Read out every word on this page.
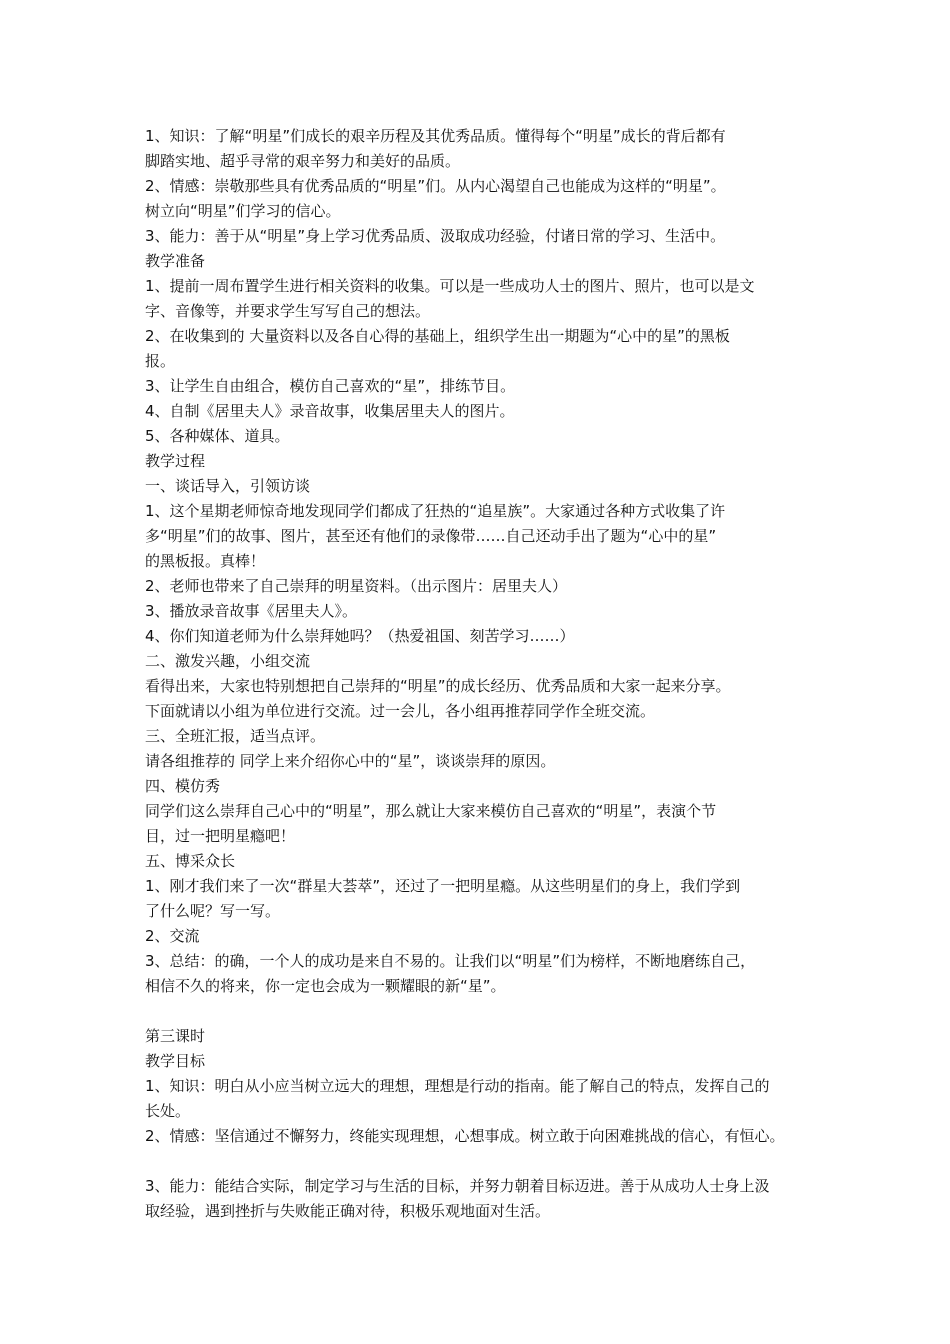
1、知识：了解“明星”们成长的艰辛历程及其优秀品质。懂得每个“明星”成长的背后都有
脚踏实地、超乎寻常的艰辛努力和美好的品质。
2、情感：崇敬那些具有优秀品质的“明星”们。从内心渴望自己也能成为这样的“明星”。
树立向“明星”们学习的信心。
3、能力：善于从“明星”身上学习优秀品质、汲取成功经验，付诸日常的学习、生活中。
教学准备
1、提前一周布置学生进行相关资料的收集。可以是一些成功人士的图片、照片，也可以是文
字、音像等，并要求学生写写自己的想法。
2、在收集到的 大量资料以及各自心得的基础上，组织学生出一期题为“心中的星”的黑板
报。
3、让学生自由组合，模仿自己喜欢的“星”，排练节目。
4、自制《居里夫人》录音故事，收集居里夫人的图片。
5、各种媒体、道具。
教学过程
一、谈话导入，引领访谈
1、这个星期老师惊奇地发现同学们都成了狂热的“追星族”。大家通过各种方式收集了许
多“明星”们的故事、图片，甚至还有他们的录像带……自己还动手出了题为“心中的星”
的黑板报。真棒！
2、老师也带来了自己崇拜的明星资料。（出示图片：居里夫人）
3、播放录音故事《居里夫人》。
4、你们知道老师为什么崇拜她吗？（热爱祖国、刻苦学习……）
二、激发兴趣，小组交流
看得出来，大家也特别想把自己崇拜的“明星”的成长经历、优秀品质和大家一起来分享。
下面就请以小组为单位进行交流。过一会儿，各小组再推荐同学作全班交流。
三、全班汇报，适当点评。
请各组推荐的 同学上来介绍你心中的“星”，谈谈崇拜的原因。
四、模仿秀
同学们这么崇拜自己心中的“明星”，那么就让大家来模仿自己喜欢的“明星”，表演个节
目，过一把明星瘾吧！
五、博采众长
1、刚才我们来了一次“群星大荟萃”，还过了一把明星瘾。从这些明星们的身上，我们学到
了什么呢？写一写。
2、交流
3、总结：的确，一个人的成功是来自不易的。让我们以“明星”们为榜样，不断地磨练自己，
相信不久的将来，你一定也会成为一颗耀眼的新“星”。
第三课时
教学目标
1、知识：明白从小应当树立远大的理想，理想是行动的指南。能了解自己的特点，发挥自己的
长处。
2、情感：坚信通过不懈努力，终能实现理想，心想事成。树立敢于向困难挑战的信心，有恒心。
3、能力：能结合实际，制定学习与生活的目标，并努力朝着目标迈进。善于从成功人士身上汲
取经验，遇到挫折与失败能正确对待，积极乐观地面对生活。
